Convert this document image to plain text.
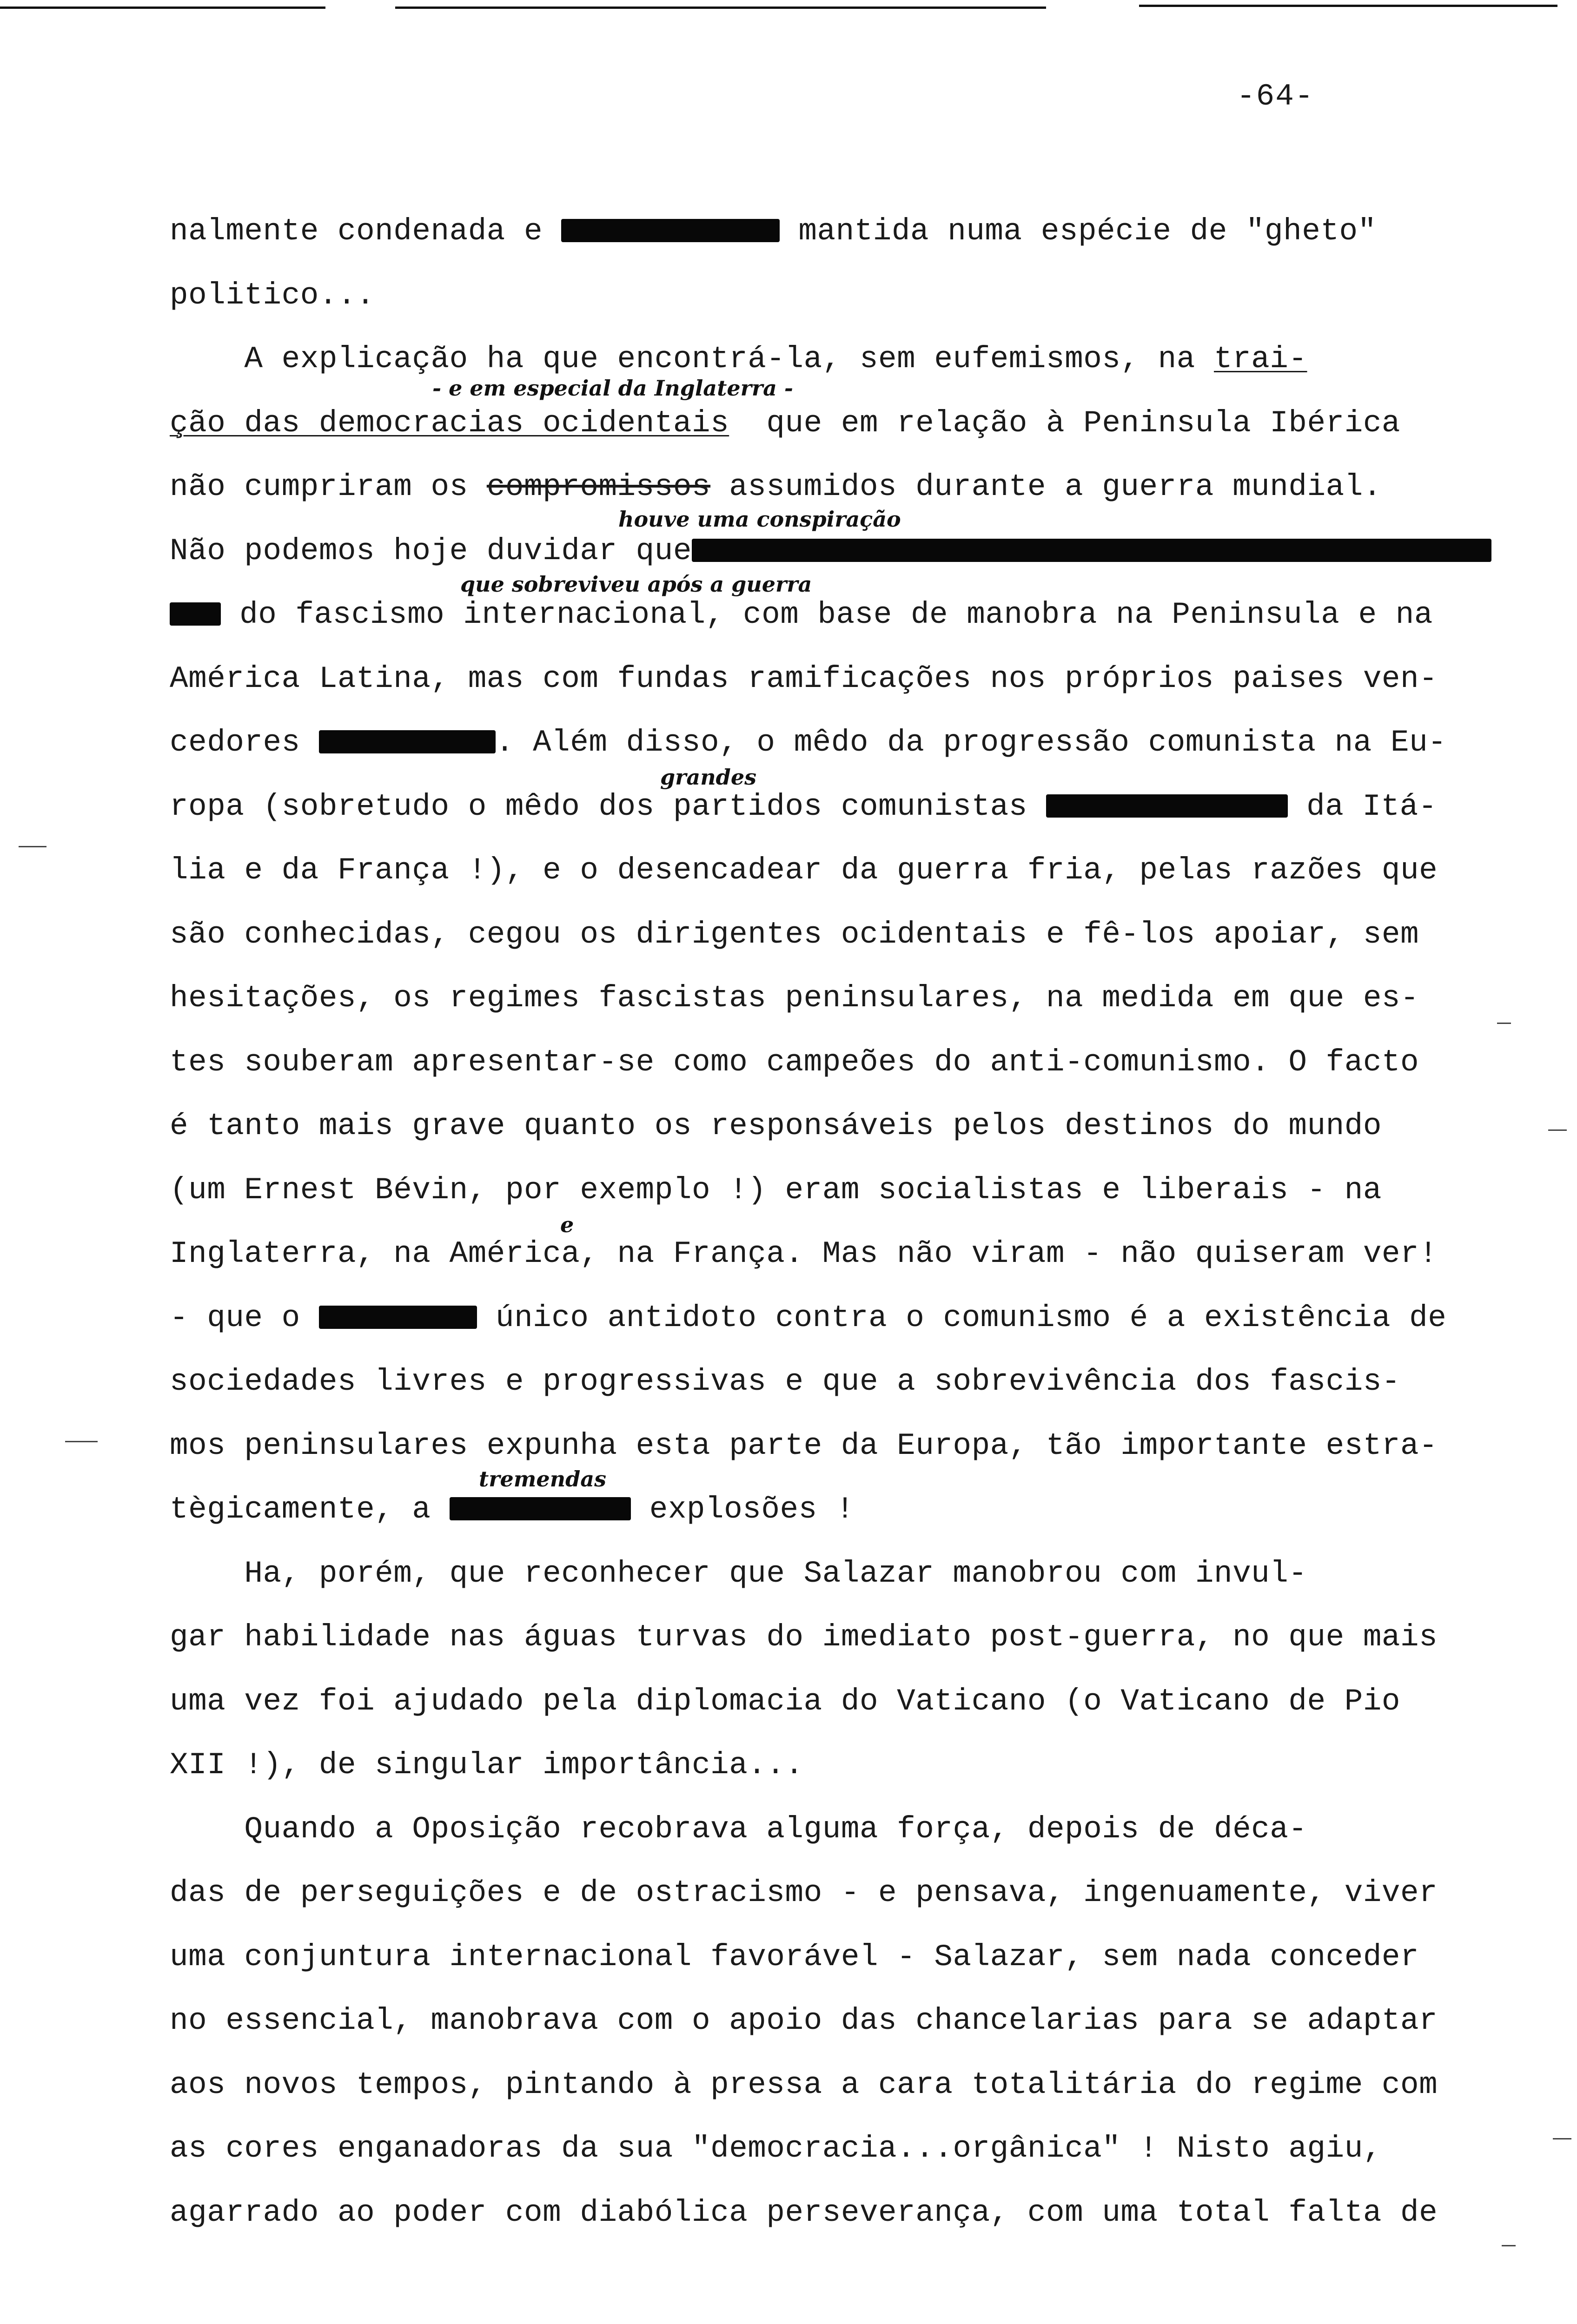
-64-
nalmente condenada e	mantida numa espécie de "gheto"
politico...
A explicação ha que encontrá-la, sem eufemismos, na trai-
ção das democracias ocidentais  que em relação à Peninsula Ibérica
não cumpriram os compromissos assumidos durante a guerra mundial.
Não podemos hoje duvidar que
do fascismo internacional, com base de manobra na Peninsula e na
América Latina, mas com fundas ramificações nos próprios paises ven-
cedores	. Além disso, o mêdo da progressão comunista na Eu-
ropa (sobretudo o mêdo dos partidos comunistas	da Itá-
lia e da França !), e o desencadear da guerra fria, pelas razões que
são conhecidas, cegou os dirigentes ocidentais e fê-los apoiar, sem
hesitações, os regimes fascistas peninsulares, na medida em que es-
tes souberam apresentar-se como campeões do anti-comunismo. O facto
é tanto mais grave quanto os responsáveis pelos destinos do mundo
(um Ernest Bévin, por exemplo !) eram socialistas e liberais - na
Inglaterra, na América, na França. Mas não viram - não quiseram ver!
- que o	único antidoto contra o comunismo é a existência de
sociedades livres e progressivas e que a sobrevivência dos fascis-
mos peninsulares expunha esta parte da Europa, tão importante estra-
tègicamente, a	explosões !
Ha, porém, que reconhecer que Salazar manobrou com invul-
gar habilidade nas águas turvas do imediato post-guerra, no que mais
uma vez foi ajudado pela diplomacia do Vaticano (o Vaticano de Pio
XII !), de singular importância...
Quando a Oposição recobrava alguma força, depois de déca-
das de perseguições e de ostracismo - e pensava, ingenuamente, viver
uma conjuntura internacional favorável - Salazar, sem nada conceder
no essencial, manobrava com o apoio das chancelarias para se adaptar
aos novos tempos, pintando à pressa a cara totalitária do regime com
as cores enganadoras da sua "democracia...orgânica" ! Nisto agiu,
agarrado ao poder com diabólica perseverança, com uma total falta de
- e em especial da Inglaterra -
houve uma conspiração
que sobreviveu após a guerra
grandes
e
tremendas
